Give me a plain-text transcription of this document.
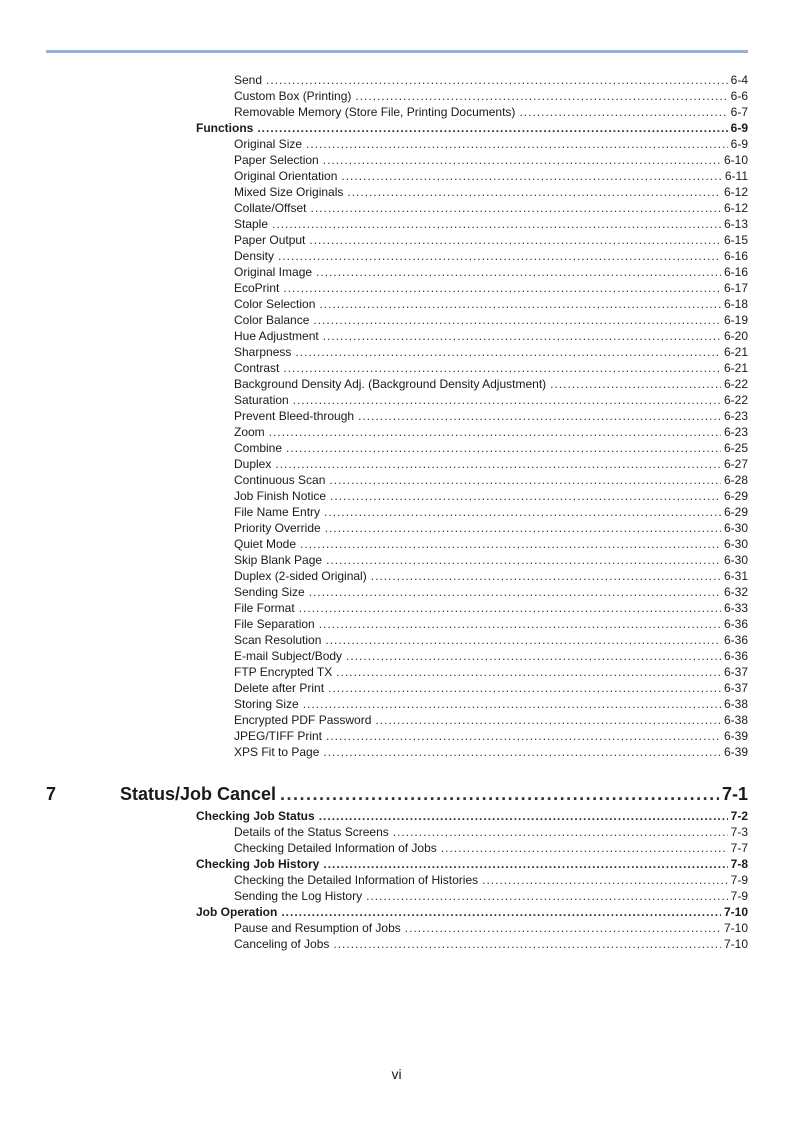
Send .....	6-4
Custom Box (Printing) .....	6-6
Removable Memory (Store File, Printing Documents) .....	6-7
Functions .....	6-9
Original Size .....	6-9
Paper Selection .....	6-10
Original Orientation .....	6-11
Mixed Size Originals .....	6-12
Collate/Offset .....	6-12
Staple .....	6-13
Paper Output .....	6-15
Density .....	6-16
Original Image .....	6-16
EcoPrint .....	6-17
Color Selection .....	6-18
Color Balance .....	6-19
Hue Adjustment .....	6-20
Sharpness .....	6-21
Contrast .....	6-21
Background Density Adj. (Background Density Adjustment) .....	6-22
Saturation .....	6-22
Prevent Bleed-through .....	6-23
Zoom .....	6-23
Combine .....	6-25
Duplex .....	6-27
Continuous Scan .....	6-28
Job Finish Notice .....	6-29
File Name Entry .....	6-29
Priority Override .....	6-30
Quiet Mode .....	6-30
Skip Blank Page .....	6-30
Duplex (2-sided Original) .....	6-31
Sending Size .....	6-32
File Format .....	6-33
File Separation .....	6-36
Scan Resolution .....	6-36
E-mail Subject/Body .....	6-36
FTP Encrypted TX .....	6-37
Delete after Print .....	6-37
Storing Size .....	6-38
Encrypted PDF Password .....	6-38
JPEG/TIFF Print .....	6-39
XPS Fit to Page .....	6-39
7	Status/Job Cancel .....	7-1
Checking Job Status .....	7-2
Details of the Status Screens .....	7-3
Checking Detailed Information of Jobs .....	7-7
Checking Job History .....	7-8
Checking the Detailed Information of Histories .....	7-9
Sending the Log History .....	7-9
Job Operation .....	7-10
Pause and Resumption of Jobs .....	7-10
Canceling of Jobs .....	7-10
vi
